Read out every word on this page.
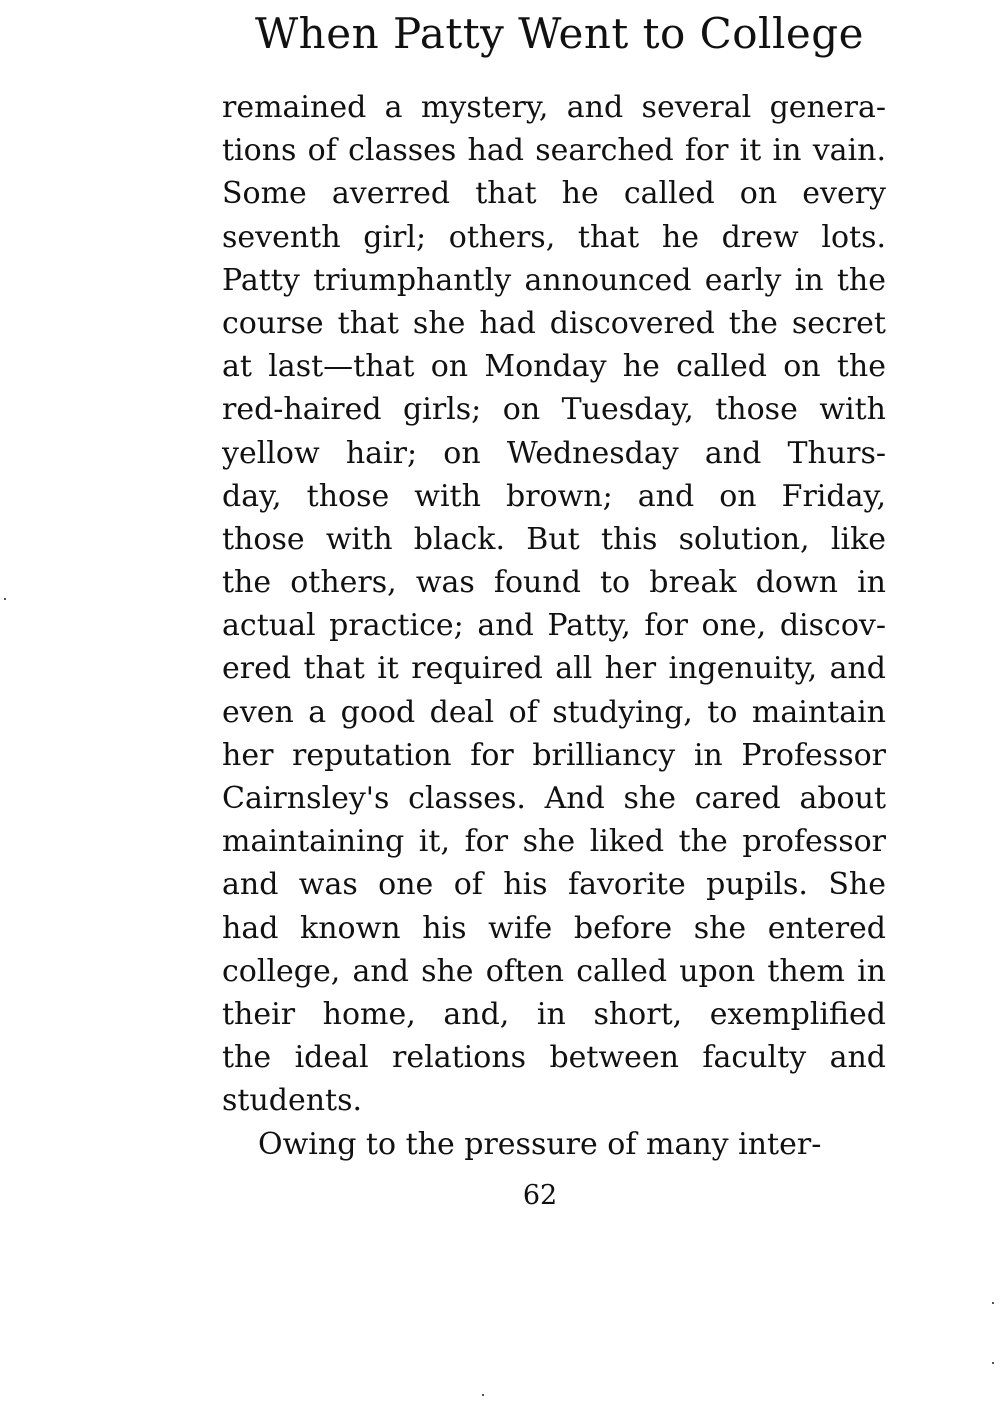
When Patty Went to College
remained a mystery, and several genera-
tions of classes had searched for it in vain.
Some averred that he called on every
seventh girl; others, that he drew lots.
Patty triumphantly announced early in the
course that she had discovered the secret
at last—that on Monday he called on the
red-haired girls; on Tuesday, those with
yellow hair; on Wednesday and Thurs-
day, those with brown; and on Friday,
those with black. But this solution, like
the others, was found to break down in
actual practice; and Patty, for one, discov-
ered that it required all her ingenuity, and
even a good deal of studying, to maintain
her reputation for brilliancy in Professor
Cairnsley's classes. And she cared about
maintaining it, for she liked the professor
and was one of his favorite pupils. She
had known his wife before she entered
college, and she often called upon them in
their home, and, in short, exemplified
the ideal relations between faculty and
students.
Owing to the pressure of many inter-
62
